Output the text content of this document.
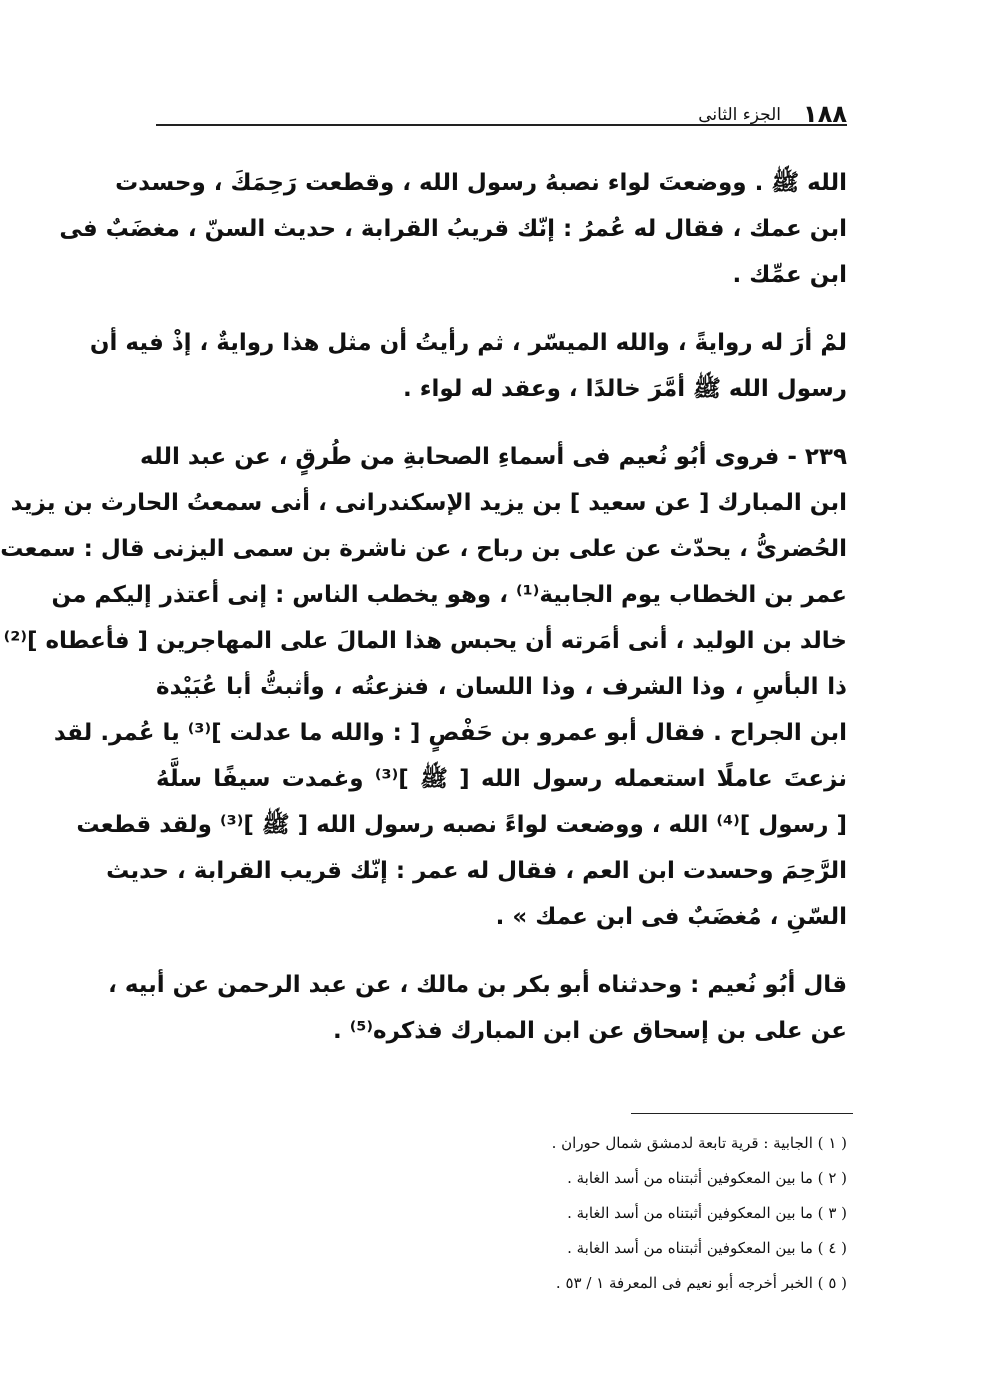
١٨٨
الجزء الثانى
الله ﷺ . ووضعتَ لواء نصبهُ رسول الله ، وقطعت رَحِمَكَ ، وحسدت
ابن عمك ، فقال له عُمرُ : إنّك قريبُ القرابة ، حديث السنّ ، مغضَبٌ فى
ابن عمِّك .
لمْ أرَ له روايةً ، والله الميسّر ، ثم رأيتُ أن مثل هذا روايةٌ ، إذْ فيه أن
رسول الله ﷺ أمَّرَ خالدًا ، وعقد له لواء .
٢٣٩ - فروى أبُو نُعيم فى أسماءِ الصحابةِ من طُرقٍ ، عن عبد الله
ابن المبارك [ عن سعيد ] بن يزيد الإسكندرانى ، أنى سمعتُ الحارث بن يزيد
الحُضرىُّ ، يحدّث عن على بن رباح ، عن ناشرة بن سمى اليزنى قال : سمعت
عمر بن الخطاب يوم الجابية⁽¹⁾ ، وهو يخطب الناس : إنى أعتذر إليكم من
خالد بن الوليد ، أنى أمَرته أن يحبس هذا المالَ على المهاجرين [ فأعطاه ]⁽²⁾
ذا البأسِ ، وذا الشرف ، وذا اللسان ، فنزعتُه ، وأثبتُّ أبا عُبَيْدة
ابن الجراح . فقال أبو عمرو بن حَفْصٍ [ : والله ما عدلت ]⁽³⁾ يا عُمر. لقد
نزعتَ عاملًا استعمله رسول الله [ ﷺ ]⁽³⁾ وغمدت سيفًا سلَّهُ
[ رسول ]⁽⁴⁾ الله ، ووضعت لواءً نصبه رسول الله [ ﷺ ]⁽³⁾ ولقد قطعت
الرَّحِمَ وحسدت ابن العم ، فقال له عمر : إنّك قريب القرابة ، حديث
السّنِ ، مُغضَبٌ فى ابن عمك » .
قال أبُو نُعيم : وحدثناه أبو بكر بن مالك ، عن عبد الرحمن عن أبيه ،
عن على بن إسحاق عن ابن المبارك فذكره⁽⁵⁾ .
( ١ ) الجابية : قرية تابعة لدمشق شمال حوران .
( ٢ ) ما بين المعكوفين أثبتناه من أسد الغابة .
( ٣ ) ما بين المعكوفين أثبتناه من أسد الغابة .
( ٤ ) ما بين المعكوفين أثبتناه من أسد الغابة .
( ٥ ) الخبر أخرجه أبو نعيم فى المعرفة ١ / ٥٣ .
